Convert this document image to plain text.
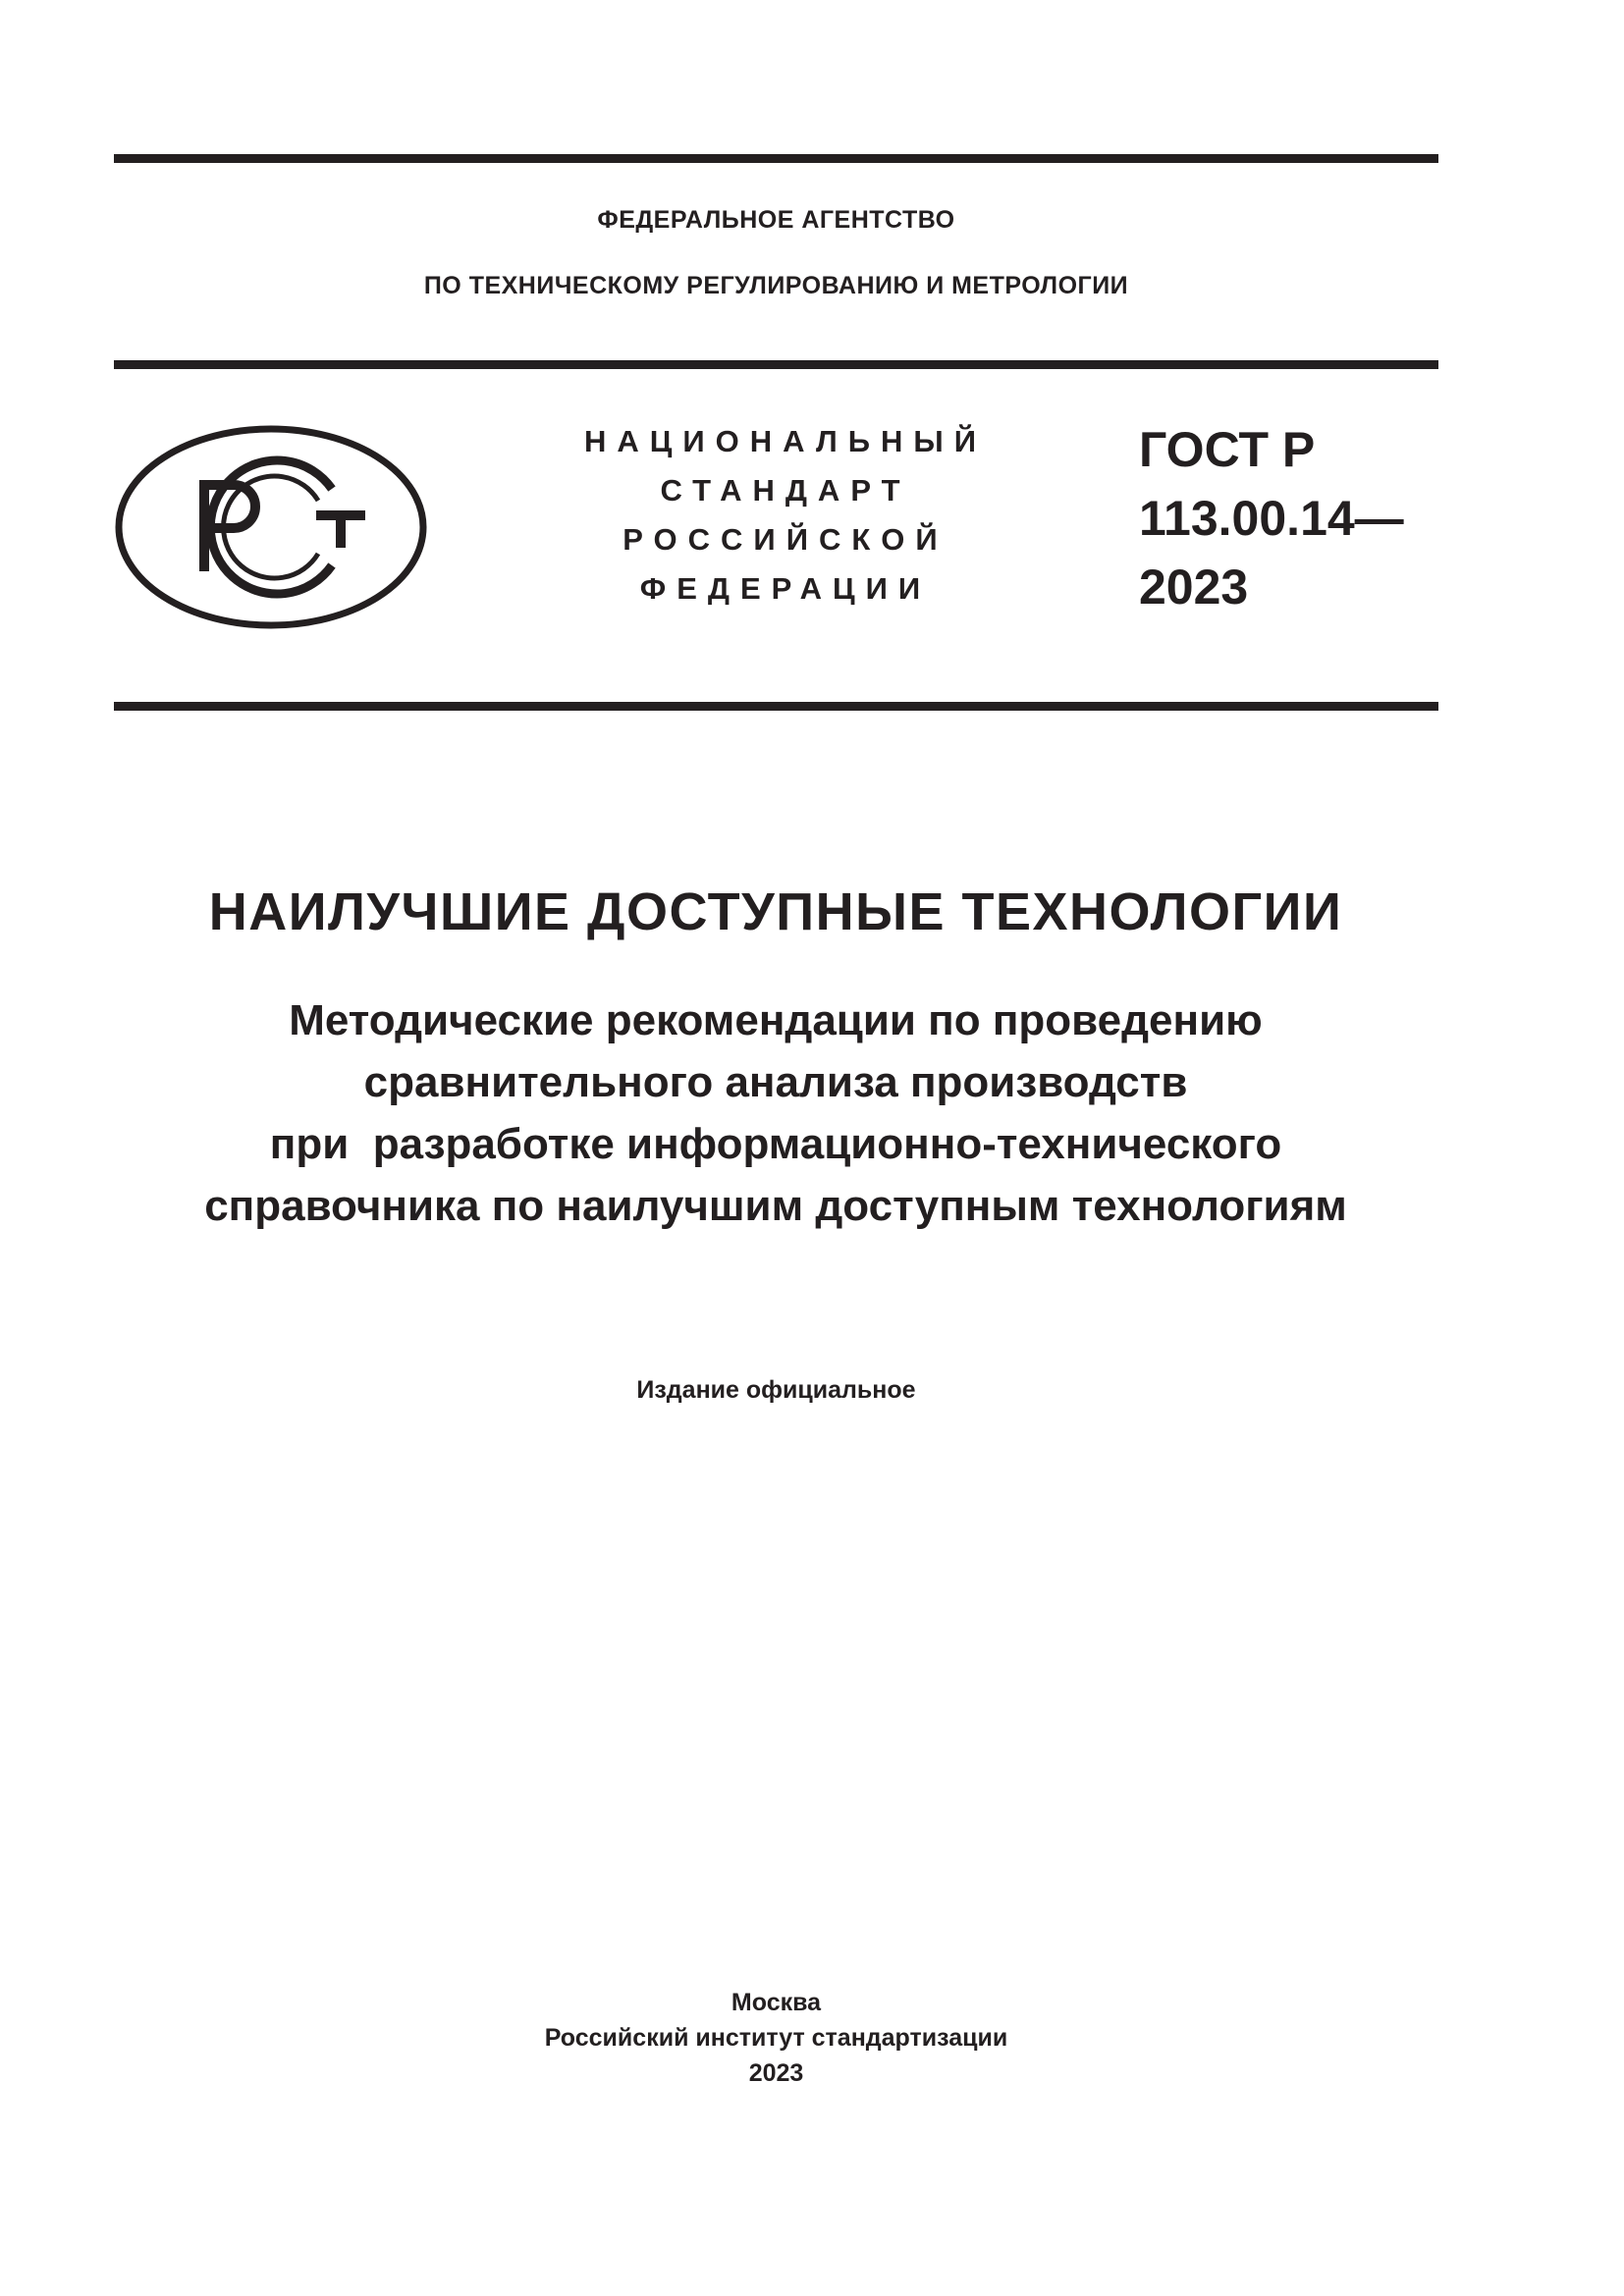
ФЕДЕРАЛЬНОЕ АГЕНТСТВО
ПО ТЕХНИЧЕСКОМУ РЕГУЛИРОВАНИЮ И МЕТРОЛОГИИ
НАЦИОНАЛЬНЫЙ
СТАНДАРТ
РОССИЙСКОЙ
ФЕДЕРАЦИИ
ГОСТ Р
113.00.14—
2023
НАИЛУЧШИЕ ДОСТУПНЫЕ ТЕХНОЛОГИИ
Методические рекомендации по проведению
сравнительного анализа производств
при  разработке информационно-технического
справочника по наилучшим доступным технологиям
Издание официальное
Москва
Российский институт стандартизации
2023
